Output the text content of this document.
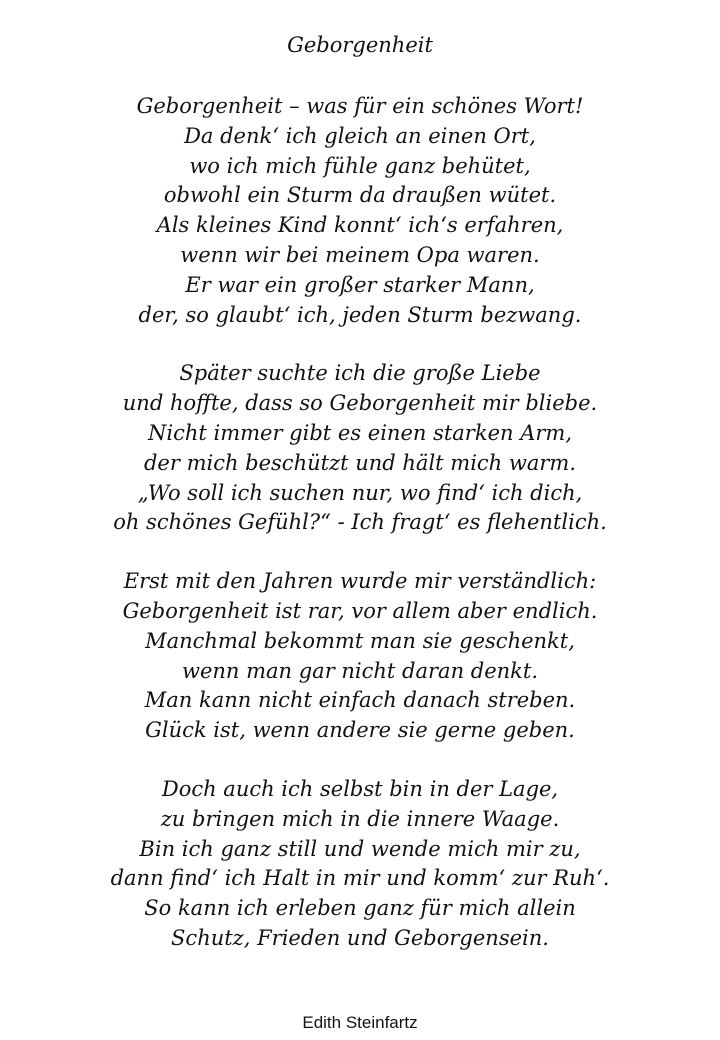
Geborgenheit
Geborgenheit – was für ein schönes Wort!
Da denk‘ ich gleich an einen Ort,
wo ich mich fühle ganz behütet,
obwohl ein Sturm da draußen wütet.
Als kleines Kind konnt‘ ich‘s erfahren,
wenn wir bei meinem Opa waren.
Er war ein großer starker Mann,
der, so glaubt‘ ich, jeden Sturm bezwang.
Später suchte ich die große Liebe
und hoffte, dass so Geborgenheit mir bliebe.
Nicht immer gibt es einen starken Arm,
der mich beschützt und hält mich warm.
„Wo soll ich suchen nur, wo find‘ ich dich,
oh schönes Gefühl?“ - Ich fragt‘ es flehentlich.
Erst mit den Jahren wurde mir verständlich:
Geborgenheit ist rar, vor allem aber endlich.
Manchmal bekommt man sie geschenkt,
wenn man gar nicht daran denkt.
Man kann nicht einfach danach streben.
Glück ist, wenn andere sie gerne geben.
Doch auch ich selbst bin in der Lage,
zu bringen mich in die innere Waage.
Bin ich ganz still und wende mich mir zu,
dann find‘ ich Halt in mir und komm‘ zur Ruh‘.
So kann ich erleben ganz für mich allein
Schutz, Frieden und Geborgensein.
Edith Steinfartz
